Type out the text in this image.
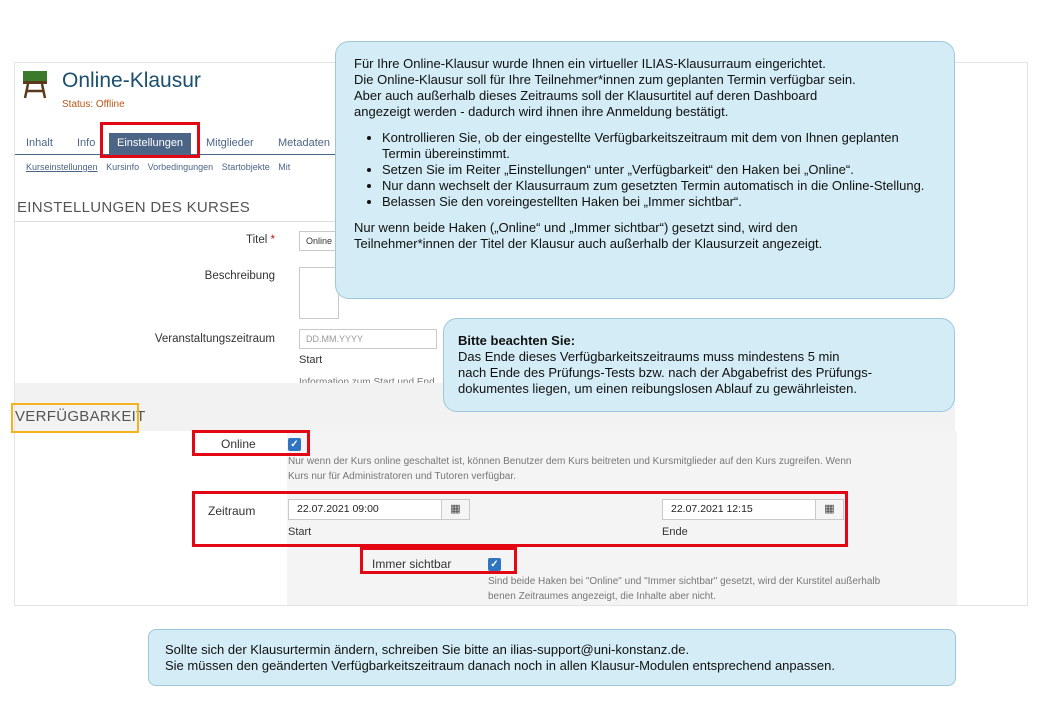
Online-Klausur
Status: Offline
Inhalt Info	Einstellungen	Mitglieder Metadaten
Kurseinstellungen Kursinfo Vorbedingungen Startobjekte Mit
EINSTELLUNGEN DES KURSES
Titel *	Online
Beschreibung
Veranstaltungszeitraum	DD.MM.YYYY
Start
VERFÜGBARKEIT
Online	✓
Nur wenn der Kurs online geschaltet ist, können Benutzer dem Kurs beitreten und Kursmitglieder auf den Kurs zugreifen. Wenn
Kurs nur für Administratoren und Tutoren verfügbar.
Zeitraum	22.07.2021 09:00	▦
Start
22.07.2021 12:15	▦
Ende
Immer sichtbar	✓
Sind beide Haken bei "Online" und "Immer sichtbar" gesetzt, wird der Kurstitel außerhalb
benen Zeitraumes angezeigt, die Inhalte aber nicht.
Für Ihre Online-Klausur wurde Ihnen ein virtueller ILIAS-Klausurraum eingerichtet.
Die Online-Klausur soll für Ihre Teilnehmer*innen zum geplanten Termin verfügbar sein.
Aber auch außerhalb dieses Zeitraums soll der Klausurtitel auf deren Dashboard
angezeigt werden - dadurch wird ihnen ihre Anmeldung bestätigt.
• Kontrollieren Sie, ob der eingestellte Verfügbarkeitszeitraum mit dem von Ihnen geplanten Termin übereinstimmt.
• Setzen Sie im Reiter „Einstellungen“ unter „Verfügbarkeit“ den Haken bei „Online“.
• Nur dann wechselt der Klausurraum zum gesetzten Termin automatisch in die Online-Stellung.
• Belassen Sie den voreingestellten Haken bei „Immer sichtbar“.
Nur wenn beide Haken („Online“ und „Immer sichtbar“) gesetzt sind, wird den
Teilnehmer*innen der Titel der Klausur auch außerhalb der Klausurzeit angezeigt.
Bitte beachten Sie:
Das Ende dieses Verfügbarkeitszeitraums muss mindestens 5 min
nach Ende des Prüfungs-Tests bzw. nach der Abgabefrist des Prüfungs-
dokumentes liegen, um einen reibungslosen Ablauf zu gewährleisten.
Sollte sich der Klausurtermin ändern, schreiben Sie bitte an ilias-support@uni-konstanz.de.
Sie müssen den geänderten Verfügbarkeitszeitraum danach noch in allen Klausur-Modulen entsprechend anpassen.
